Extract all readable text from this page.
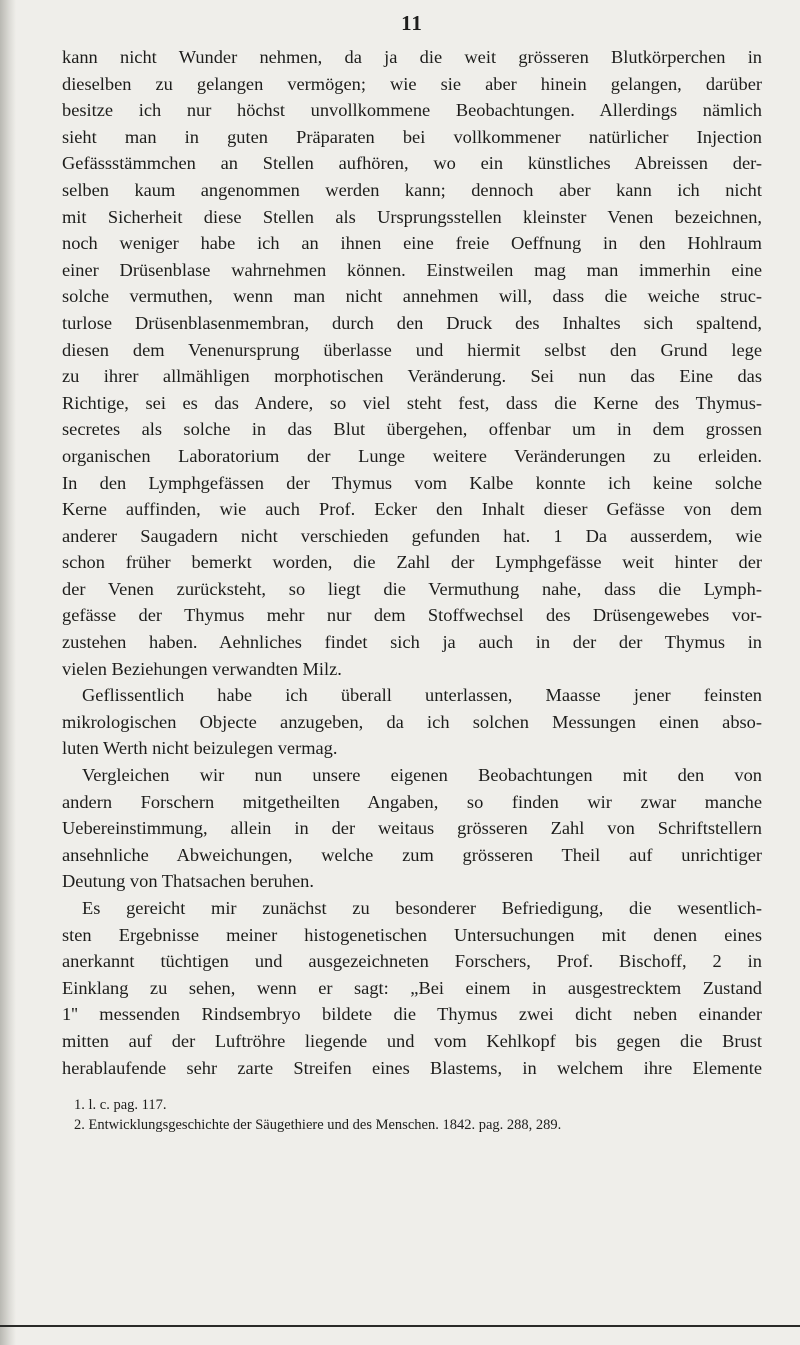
11
kann nicht Wunder nehmen, da ja die weit grösseren Blutkörperchen in
dieselben zu gelangen vermögen; wie sie aber hinein gelangen, darüber
besitze ich nur höchst unvollkommene Beobachtungen. Allerdings nämlich
sieht man in guten Präparaten bei vollkommener natürlicher Injection
Gefässstämmchen an Stellen aufhören, wo ein künstliches Abreissen der-
selben kaum angenommen werden kann; dennoch aber kann ich nicht
mit Sicherheit diese Stellen als Ursprungsstellen kleinster Venen bezeichnen,
noch weniger habe ich an ihnen eine freie Oeffnung in den Hohlraum
einer Drüsenblase wahrnehmen können. Einstweilen mag man immerhin eine
solche vermuthen, wenn man nicht annehmen will, dass die weiche struc-
turlose Drüsenblasenmembran, durch den Druck des Inhaltes sich spaltend,
diesen dem Venenursprung überlasse und hiermit selbst den Grund lege
zu ihrer allmähligen morphotischen Veränderung. Sei nun das Eine das
Richtige, sei es das Andere, so viel steht fest, dass die Kerne des Thymus-
secretes als solche in das Blut übergehen, offenbar um in dem grossen
organischen Laboratorium der Lunge weitere Veränderungen zu erleiden.
In den Lymphgefässen der Thymus vom Kalbe konnte ich keine solche
Kerne auffinden, wie auch Prof. Ecker den Inhalt dieser Gefässe von dem
anderer Saugadern nicht verschieden gefunden hat. 1 Da ausserdem, wie
schon früher bemerkt worden, die Zahl der Lymphgefässe weit hinter der
der Venen zurücksteht, so liegt die Vermuthung nahe, dass die Lymph-
gefässe der Thymus mehr nur dem Stoffwechsel des Drüsengewebes vor-
zustehen haben. Aehnliches findet sich ja auch in der der Thymus in
vielen Beziehungen verwandten Milz.
Geflissentlich habe ich überall unterlassen, Maasse jener feinsten
mikrologischen Objecte anzugeben, da ich solchen Messungen einen abso-
luten Werth nicht beizulegen vermag.
Vergleichen wir nun unsere eigenen Beobachtungen mit den von
andern Forschern mitgetheilten Angaben, so finden wir zwar manche
Uebereinstimmung, allein in der weitaus grösseren Zahl von Schriftstellern
ansehnliche Abweichungen, welche zum grösseren Theil auf unrichtiger
Deutung von Thatsachen beruhen.
Es gereicht mir zunächst zu besonderer Befriedigung, die wesentlich-
sten Ergebnisse meiner histogenetischen Untersuchungen mit denen eines
anerkannt tüchtigen und ausgezeichneten Forschers, Prof. Bischoff, 2 in
Einklang zu sehen, wenn er sagt: „Bei einem in ausgestrecktem Zustand
1'' messenden Rindsembryo bildete die Thymus zwei dicht neben einander
mitten auf der Luftröhre liegende und vom Kehlkopf bis gegen die Brust
herablaufende sehr zarte Streifen eines Blastems, in welchem ihre Elemente
1. l. c. pag. 117.
2. Entwicklungsgeschichte der Säugethiere und des Menschen. 1842. pag. 288, 289.
